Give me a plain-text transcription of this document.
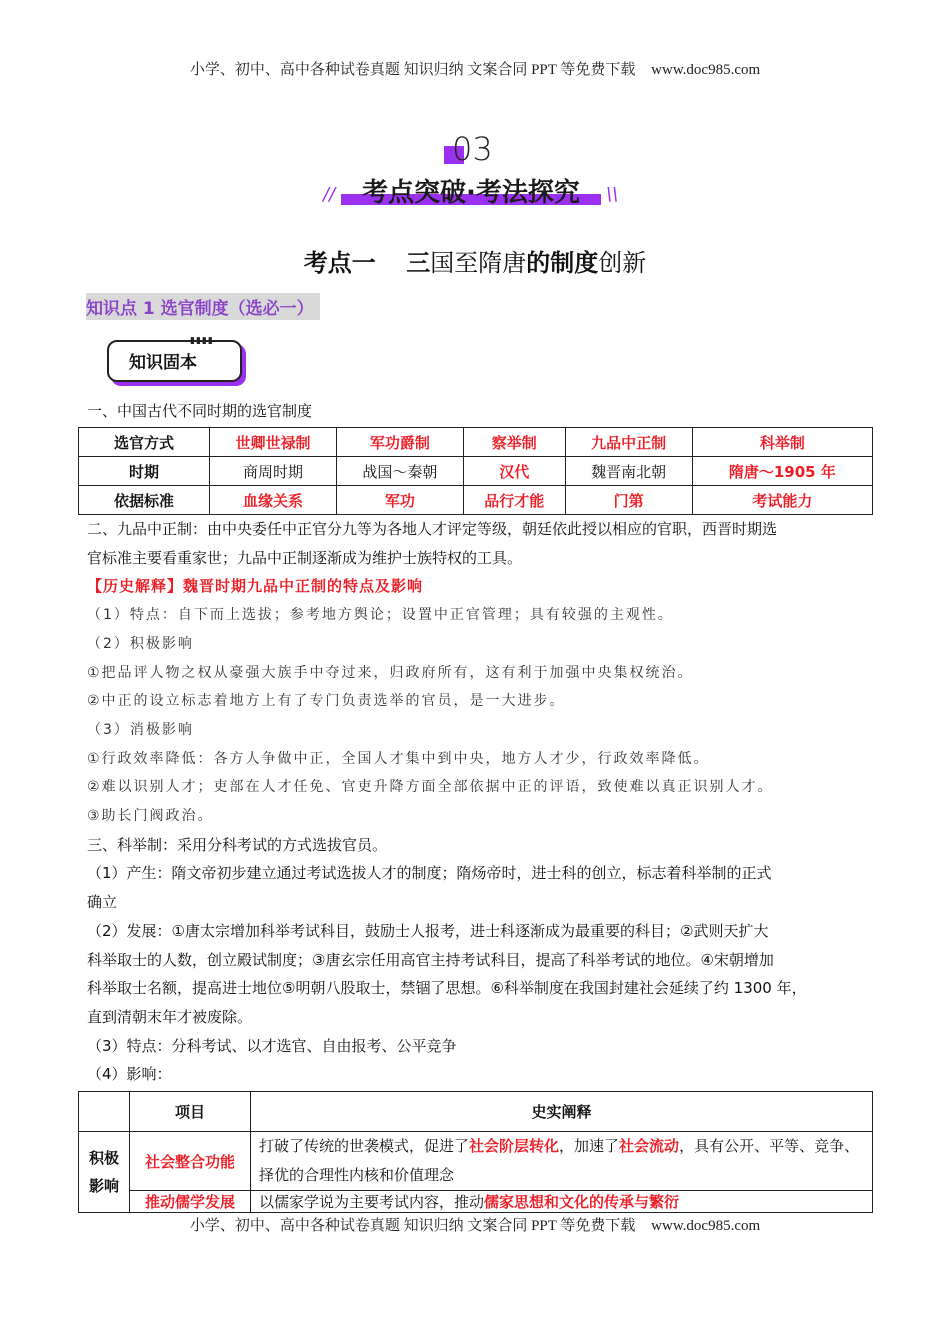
小学、初中、高中各种试卷真题 知识归纳 文案合同 PPT 等免费下载 www.doc985.com
03
//	考点突破·考法探究	\\
考点一 三国至隋唐的制度创新
知识点 1 选官制度（选必一）
知识固本
▮▮▮▮
一、中国古代不同时期的选官制度
选官方式	世卿世禄制	军功爵制	察举制	九品中正制	科举制
时期	商周时期	战国～秦朝	汉代	魏晋南北朝	隋唐～1905 年
依据标准	血缘关系	军功	品行才能	门第	考试能力
二、九品中正制：由中央委任中正官分九等为各地人才评定等级，朝廷依此授以相应的官职，西晋时期选
官标准主要看重家世；九品中正制逐渐成为维护士族特权的工具。
【历史解释】魏晋时期九品中正制的特点及影响
（1）特点：自下而上选拔；参考地方舆论；设置中正官管理；具有较强的主观性。
（2）积极影响
①把品评人物之权从豪强大族手中夺过来，归政府所有，这有利于加强中央集权统治。
②中正的设立标志着地方上有了专门负责选举的官员，是一大进步。
（3）消极影响
①行政效率降低：各方人争做中正，全国人才集中到中央，地方人才少，行政效率降低。
②难以识别人才；吏部在人才任免、官吏升降方面全部依据中正的评语，致使难以真正识别人才。
③助长门阀政治。
三、科举制：采用分科考试的方式选拔官员。
（1）产生：隋文帝初步建立通过考试选拔人才的制度；隋炀帝时，进士科的创立，标志着科举制的正式
确立
（2）发展：①唐太宗增加科举考试科目，鼓励士人报考，进士科逐渐成为最重要的科目；②武则天扩大
科举取士的人数，创立殿试制度；③唐玄宗任用高官主持考试科目，提高了科举考试的地位。④宋朝增加
科举取士名额，提高进士地位⑤明朝八股取士，禁锢了思想。⑥科举制度在我国封建社会延续了约 1300 年，
直到清朝末年才被废除。
（3）特点：分科考试、以才选官、自由报考、公平竞争
（4）影响：
	项目	史实阐释
积极影响	社会整合功能	打破了传统的世袭模式，促进了社会阶层转化，加速了社会流动，具有公开、平等、竞争、择优的合理性内核和价值理念
	推动儒学发展	以儒家学说为主要考试内容，推动儒家思想和文化的传承与繁衍
小学、初中、高中各种试卷真题 知识归纳 文案合同 PPT 等免费下载 www.doc985.com
